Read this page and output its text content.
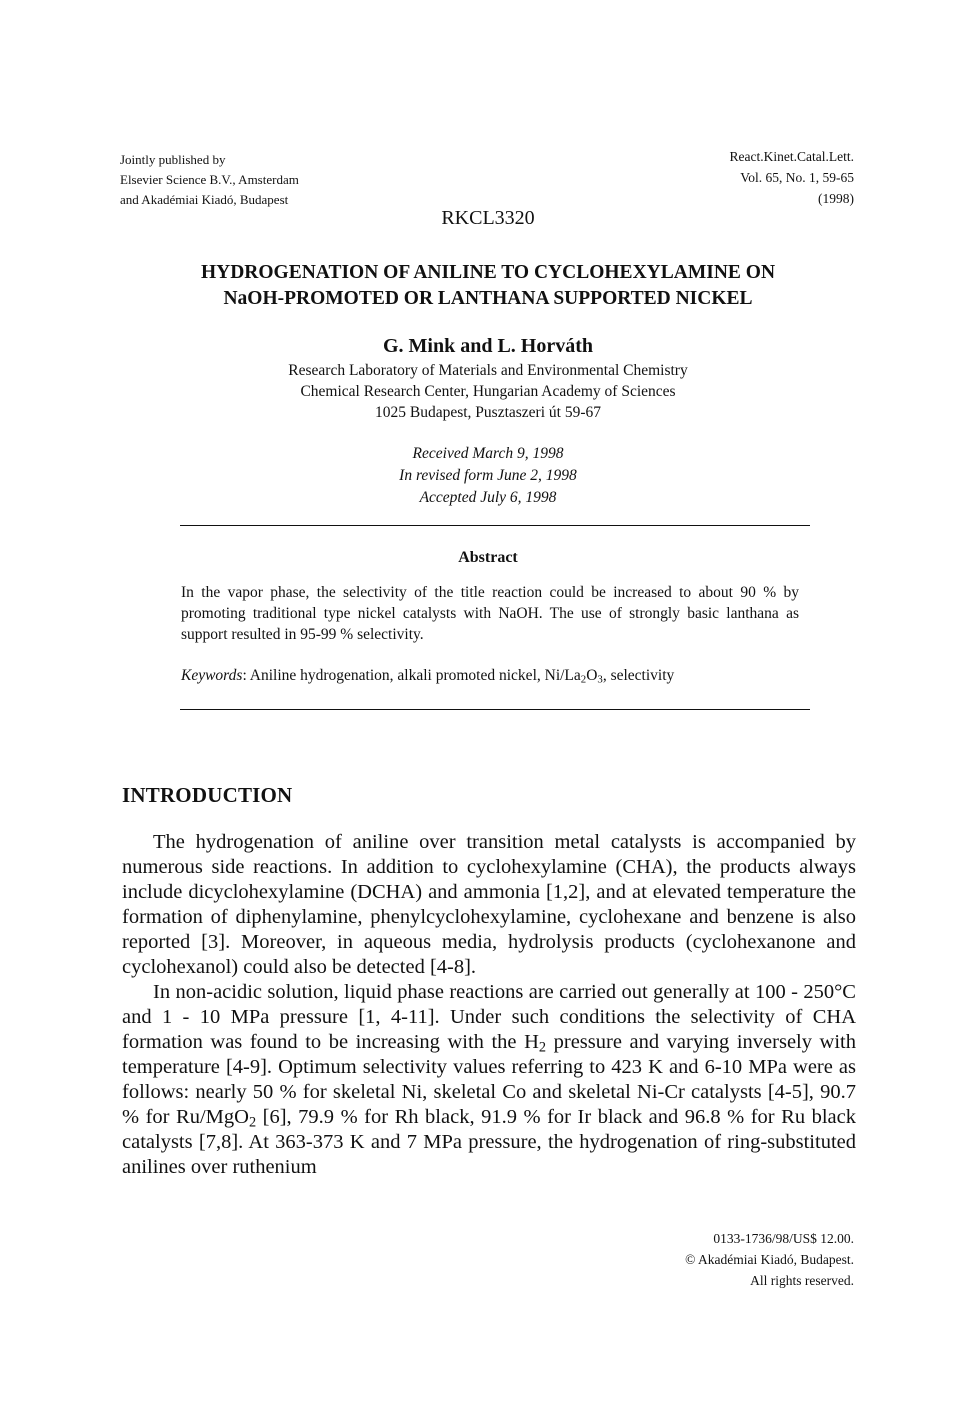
Jointly published by
Elsevier Science B.V., Amsterdam
and Akadémiai Kiadó, Budapest
React.Kinet.Catal.Lett.
Vol. 65, No. 1, 59-65
(1998)
RKCL3320
HYDROGENATION OF ANILINE TO CYCLOHEXYLAMINE ON
NaOH-PROMOTED OR LANTHANA SUPPORTED NICKEL
G. Mink and L. Horváth
Research Laboratory of Materials and Environmental Chemistry
Chemical Research Center, Hungarian Academy of Sciences
1025 Budapest, Pusztaszeri út 59-67
Received March 9, 1998
In revised form June 2, 1998
Accepted July 6, 1998
Abstract
In the vapor phase, the selectivity of the title reaction could be increased to about 90 % by promoting traditional type nickel catalysts with NaOH. The use of strongly basic lanthana as support resulted in 95-99 % selectivity.
Keywords: Aniline hydrogenation, alkali promoted nickel, $Ni/La_2O_3$, selectivity
INTRODUCTION

The hydrogenation of aniline over transition metal catalysts is accompanied by numerous side reactions. In addition to cyclohexylamine (CHA), the products always include dicyclohexylamine (DCHA) and ammonia [1,2], and at elevated temperature the formation of diphenylamine, phenylcyclohexylamine, cyclohexane and benzene is also reported [3]. Moreover, in aqueous media, hydrolysis products (cyclohexanone and cyclohexanol) could also be detected [4-8].

In non-acidic solution, liquid phase reactions are carried out generally at 100 - 250°C and 1 - 10 MPa pressure [1, 4-11]. Under such conditions the selectivity of CHA formation was found to be increasing with the $H_2$ pressure and varying inversely with temperature [4-9]. Optimum selectivity values referring to 423 K and 6-10 MPa were as follows: nearly 50 % for skeletal Ni, skeletal Co and skeletal Ni-Cr catalysts [4-5], 90.7 % for Ru/MgO$_2$ [6], 79.9 % for Rh black, 91.9 % for Ir black and 96.8 % for Ru black catalysts [7,8]. At 363-373 K and 7 MPa pressure, the hydrogenation of ring-substituted anilines over ruthenium

0133-1736/98/US$ 12.00.
© Akadémiai Kiadó, Budapest.
All rights reserved.
